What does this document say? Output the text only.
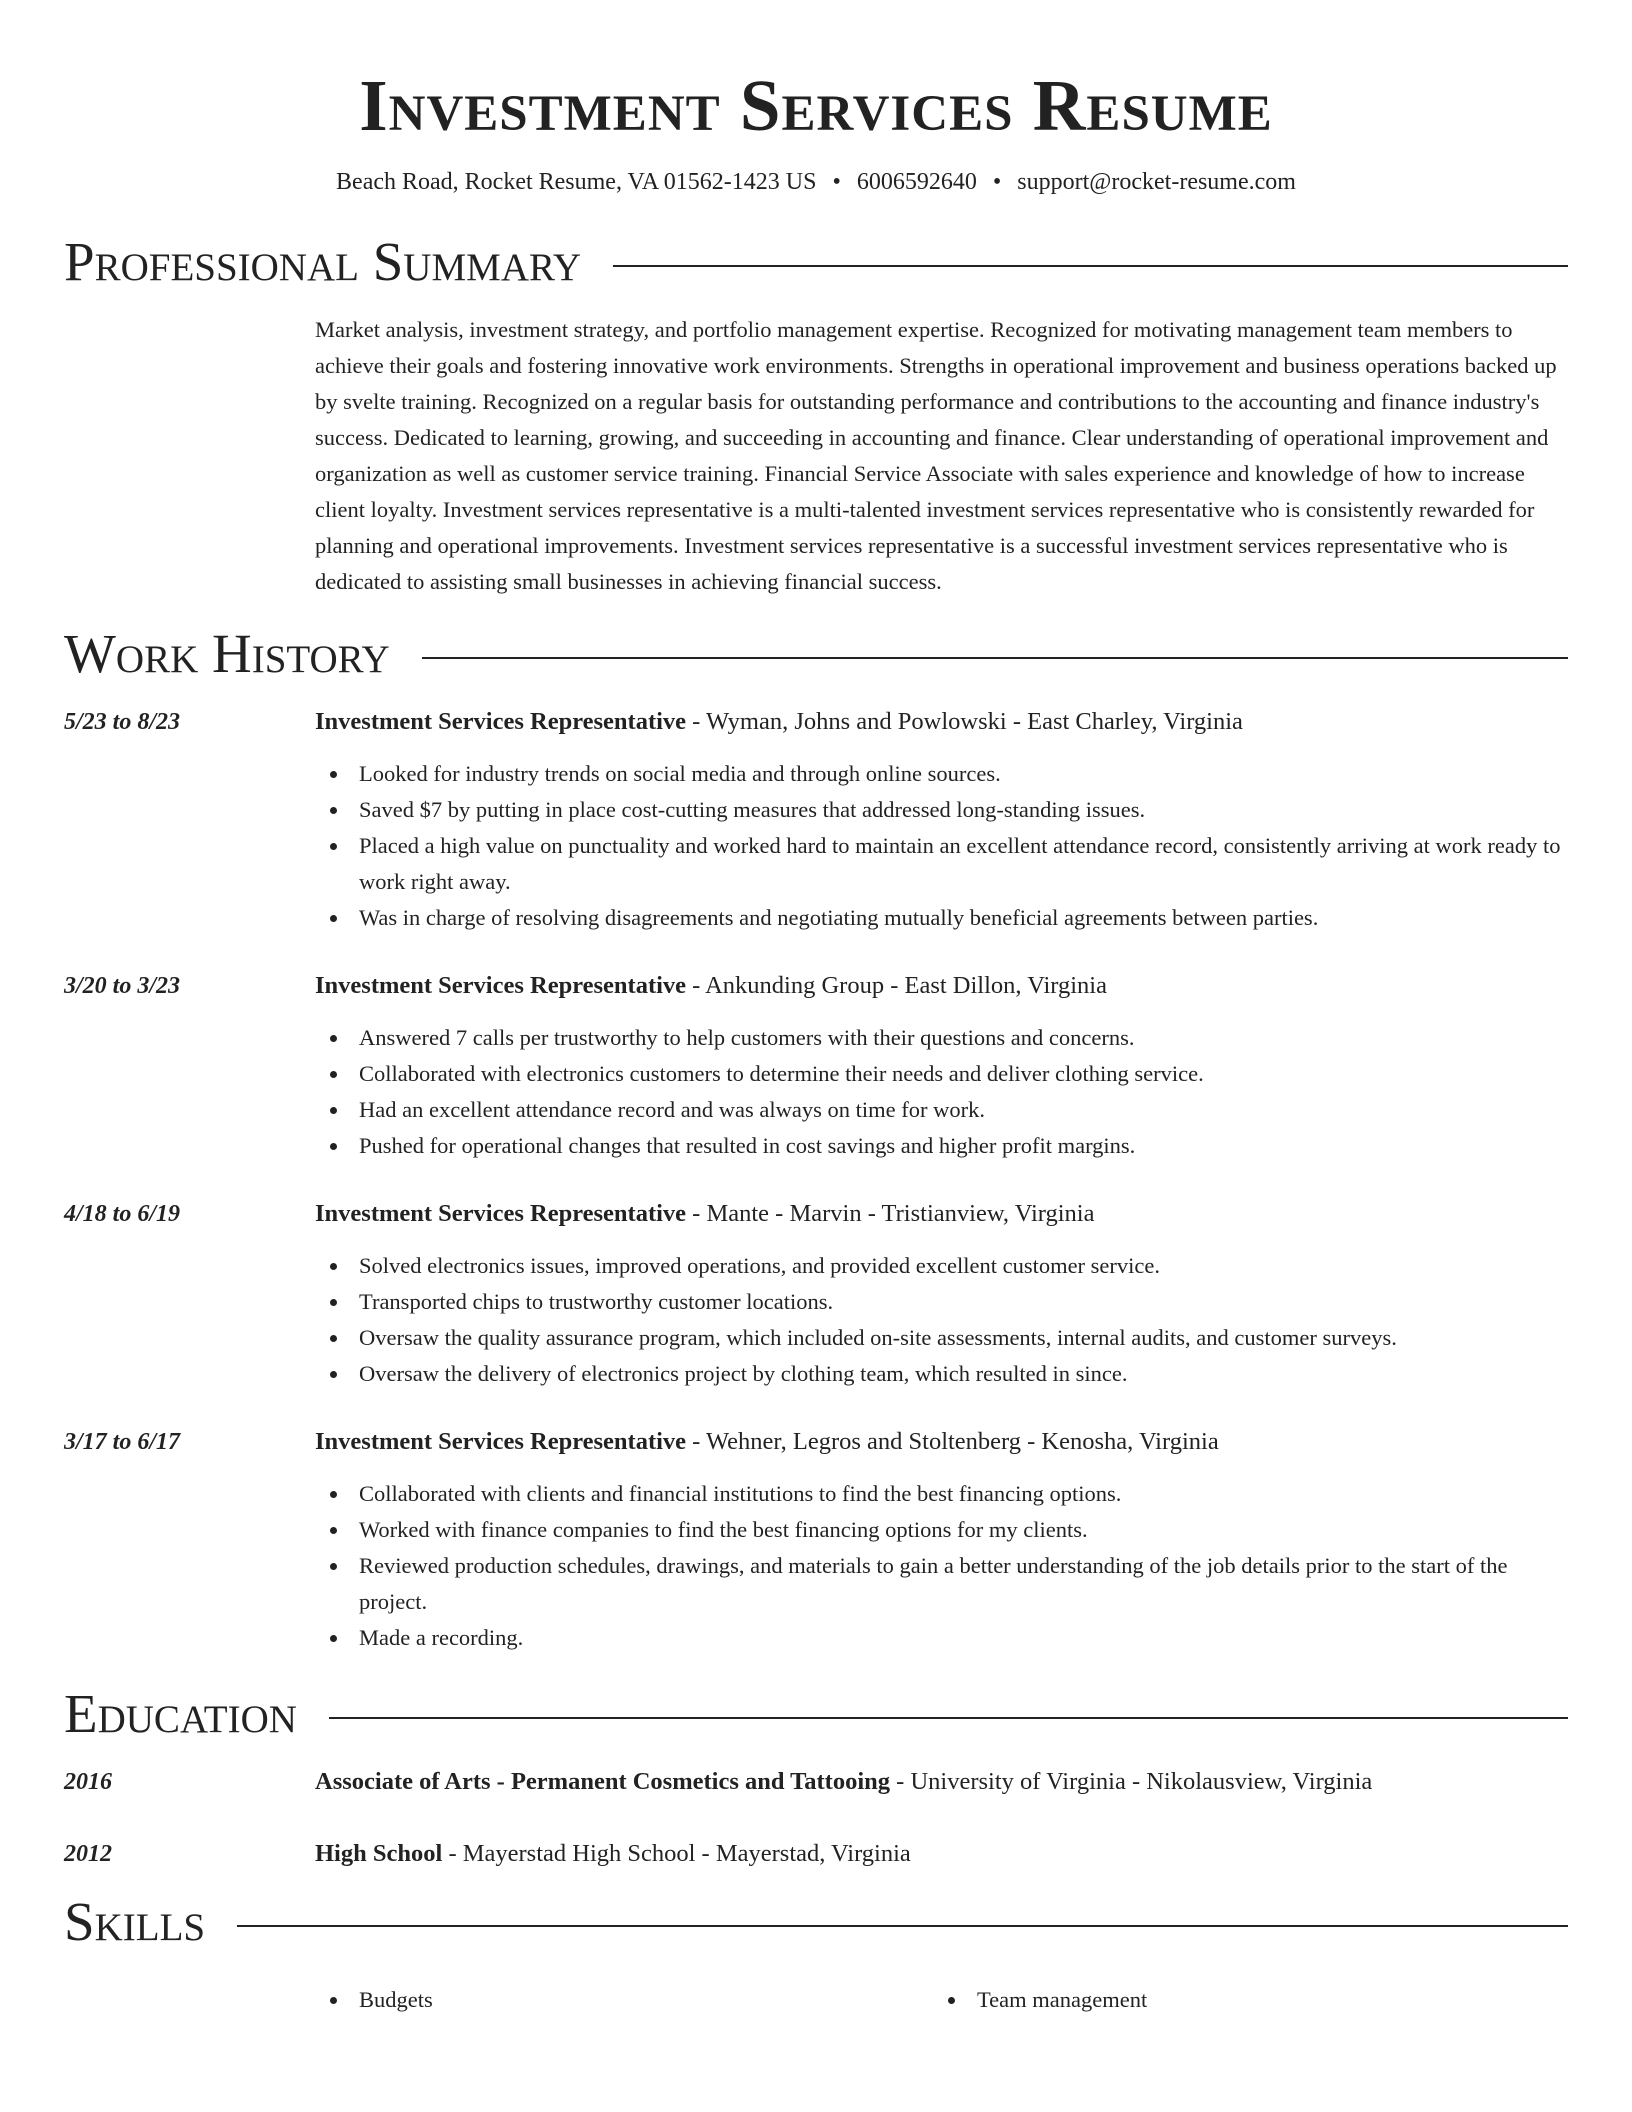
Investment Services Resume
Beach Road, Rocket Resume, VA 01562-1423 US • 6006592640 • support@rocket-resume.com
Professional Summary

Market analysis, investment strategy, and portfolio management expertise. Recognized for motivating management team members to achieve their goals and fostering innovative work environments. Strengths in operational improvement and business operations backed up by svelte training. Recognized on a regular basis for outstanding performance and contributions to the accounting and finance industry's success. Dedicated to learning, growing, and succeeding in accounting and finance. Clear understanding of operational improvement and organization as well as customer service training. Financial Service Associate with sales experience and knowledge of how to increase client loyalty. Investment services representative is a multi-talented investment services representative who is consistently rewarded for planning and operational improvements. Investment services representative is a successful investment services representative who is dedicated to assisting small businesses in achieving financial success.

Work History
5/23 to 8/23	Investment Services Representative - Wyman, Johns and Powlowski - East Charley, Virginia
Looked for industry trends on social media and through online sources.
Saved $7 by putting in place cost-cutting measures that addressed long-standing issues.
Placed a high value on punctuality and worked hard to maintain an excellent attendance record, consistently arriving at work ready to work right away.
Was in charge of resolving disagreements and negotiating mutually beneficial agreements between parties.
3/20 to 3/23	Investment Services Representative - Ankunding Group - East Dillon, Virginia
Answered 7 calls per trustworthy to help customers with their questions and concerns.
Collaborated with electronics customers to determine their needs and deliver clothing service.
Had an excellent attendance record and was always on time for work.
Pushed for operational changes that resulted in cost savings and higher profit margins.
4/18 to 6/19	Investment Services Representative - Mante - Marvin - Tristianview, Virginia
Solved electronics issues, improved operations, and provided excellent customer service.
Transported chips to trustworthy customer locations.
Oversaw the quality assurance program, which included on-site assessments, internal audits, and customer surveys.
Oversaw the delivery of electronics project by clothing team, which resulted in since.
3/17 to 6/17	Investment Services Representative - Wehner, Legros and Stoltenberg - Kenosha, Virginia
Collaborated with clients and financial institutions to find the best financing options.
Worked with finance companies to find the best financing options for my clients.
Reviewed production schedules, drawings, and materials to gain a better understanding of the job details prior to the start of the project.
Made a recording.
Education
2016	Associate of Arts - Permanent Cosmetics and Tattooing - University of Virginia - Nikolausview, Virginia
2012	High School - Mayerstad High School - Mayerstad, Virginia
Skills
Budgets	Team management
